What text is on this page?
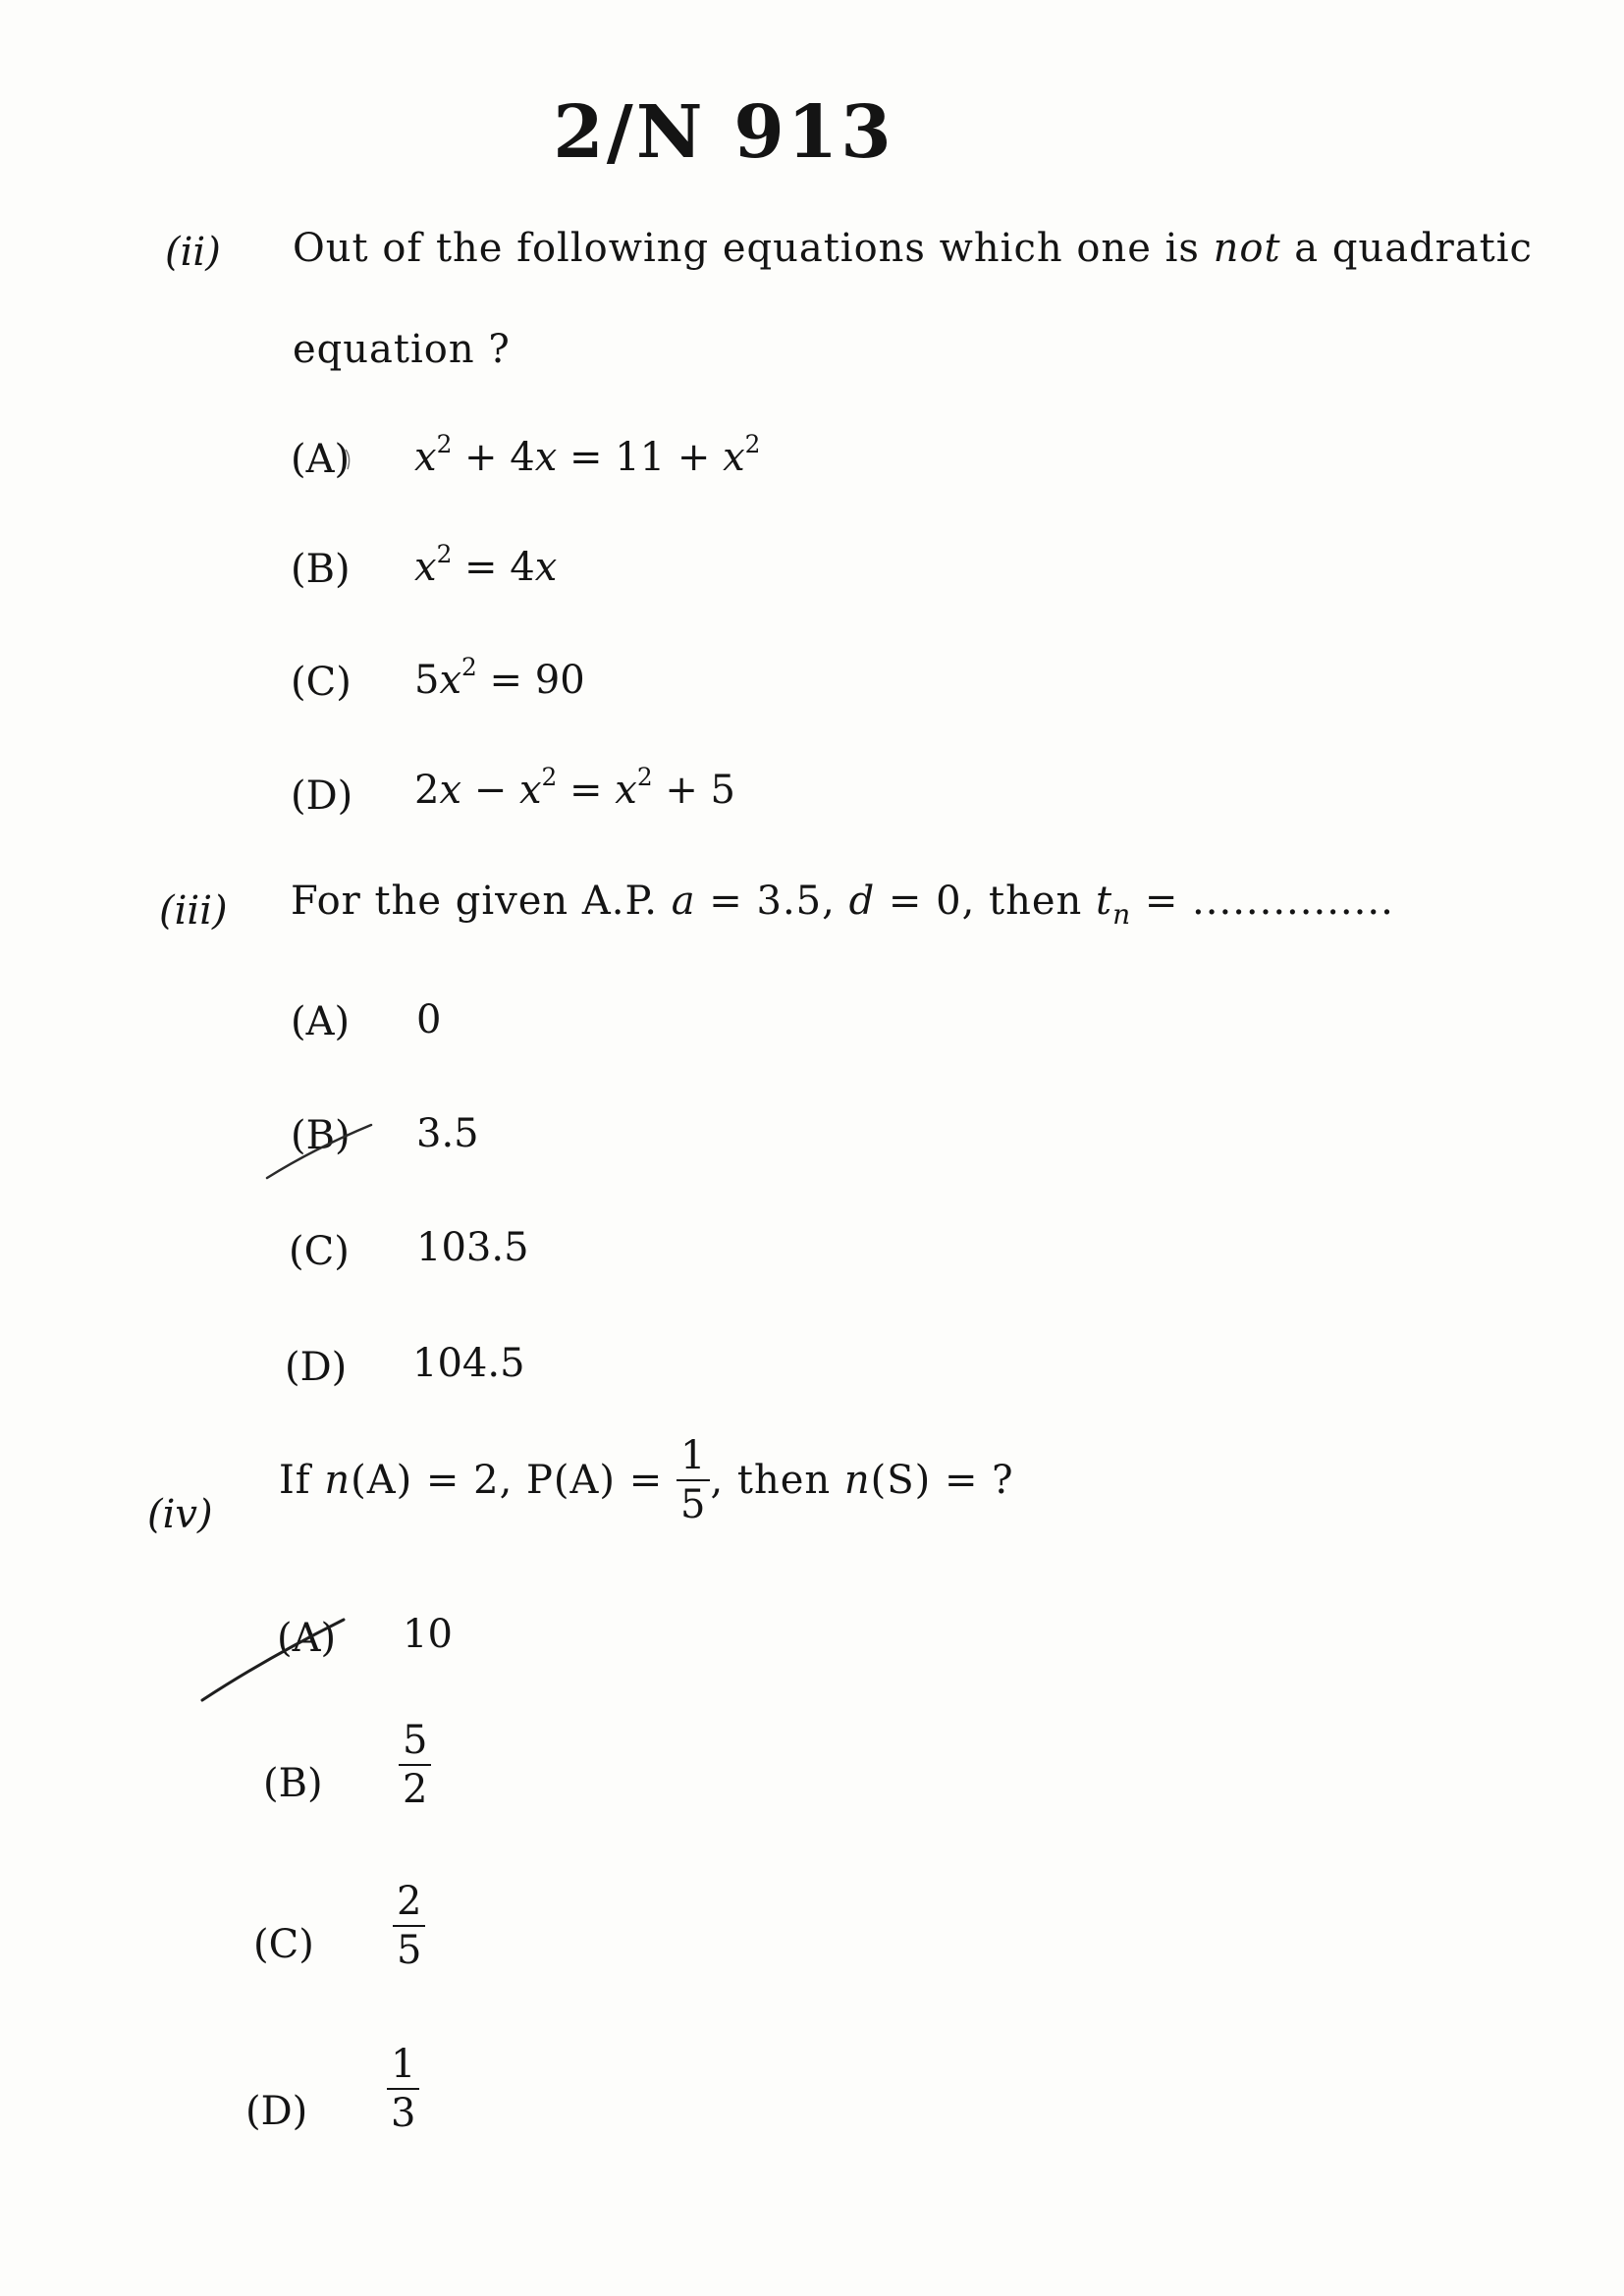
2/N 913
(ii) Out of the following equations which one is not a quadratic
equation ?
(A) $x^2 + 4x = 11 + x^2$
(B) $x^2 = 4x$
(C) $5x^2 = 90$
(D) $2x - x^2 = x^2 + 5$
(iii) For the given A.P. a = 3.5, d = 0, then $t_n$ = ...............
(A) 0
(B) 3.5
(C) 103.5
(D) 104.5
(iv)
If n (A) = 2, $P(A) = \frac{1}{5}$ , then n (S) = ?
(A) 10
$(B) \frac{5}{2}$
$(C) \frac{2}{5}$
$(D) \frac{1}{3}$
